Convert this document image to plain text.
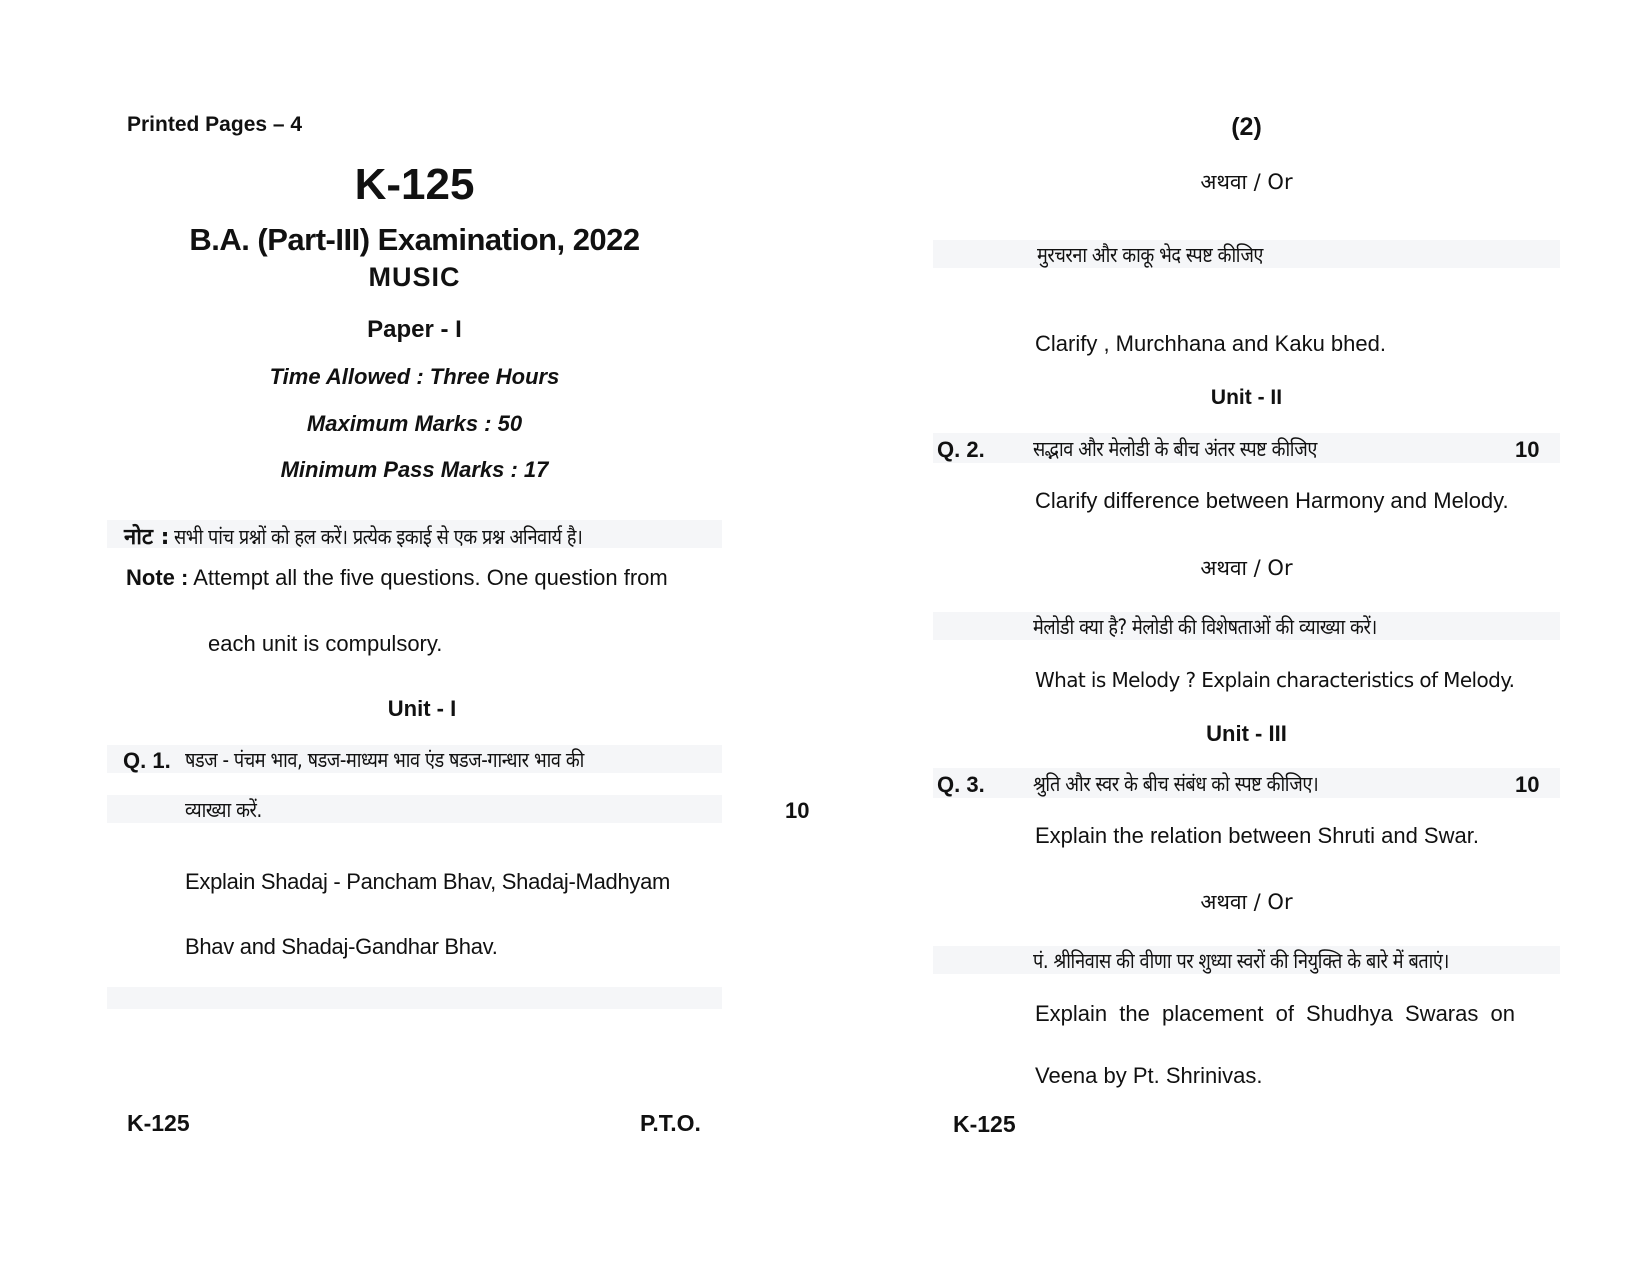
Printed Pages – 4
K-125
B.A. (Part-III) Examination, 2022
MUSIC
Paper - I
Time Allowed : Three Hours
Maximum Marks : 50
Minimum Pass Marks : 17
नोट : सभी पांच प्रश्नों को हल करें। प्रत्येक इकाई से एक प्रश्न अनिवार्य है।
Note : Attempt all the five questions. One question from
each unit is compulsory.
Unit - I
Q. 1. षडज - पंचम भाव, षडज-माध्यम भाव एंड षडज-गान्धार भाव की
व्याख्या करें.	10
Explain Shadaj - Pancham Bhav, Shadaj-Madhyam
Bhav and Shadaj-Gandhar Bhav.
K-125	P.T.O.
(2)
अथवा / Or
मुरचरना और काकू भेद स्पष्ट कीजिए
Clarify , Murchhana and Kaku bhed.
Unit - II
Q. 2. सद्भाव और मेलोडी के बीच अंतर स्पष्ट कीजिए	10
Clarify difference between Harmony and Melody.
अथवा / Or
मेलोडी क्या है? मेलोडी की विशेषताओं की व्याख्या करें।
What is Melody ? Explain characteristics of Melody.
Unit - III
Q. 3. श्रुति और स्वर के बीच संबंध को स्पष्ट कीजिए।	10
Explain the relation between Shruti and Swar.
अथवा / Or
पं. श्रीनिवास की वीणा पर शुध्या स्वरों की नियुक्ति के बारे में बताएं।
Explain the placement of Shudhya Swaras on
Veena by Pt. Shrinivas.
K-125
